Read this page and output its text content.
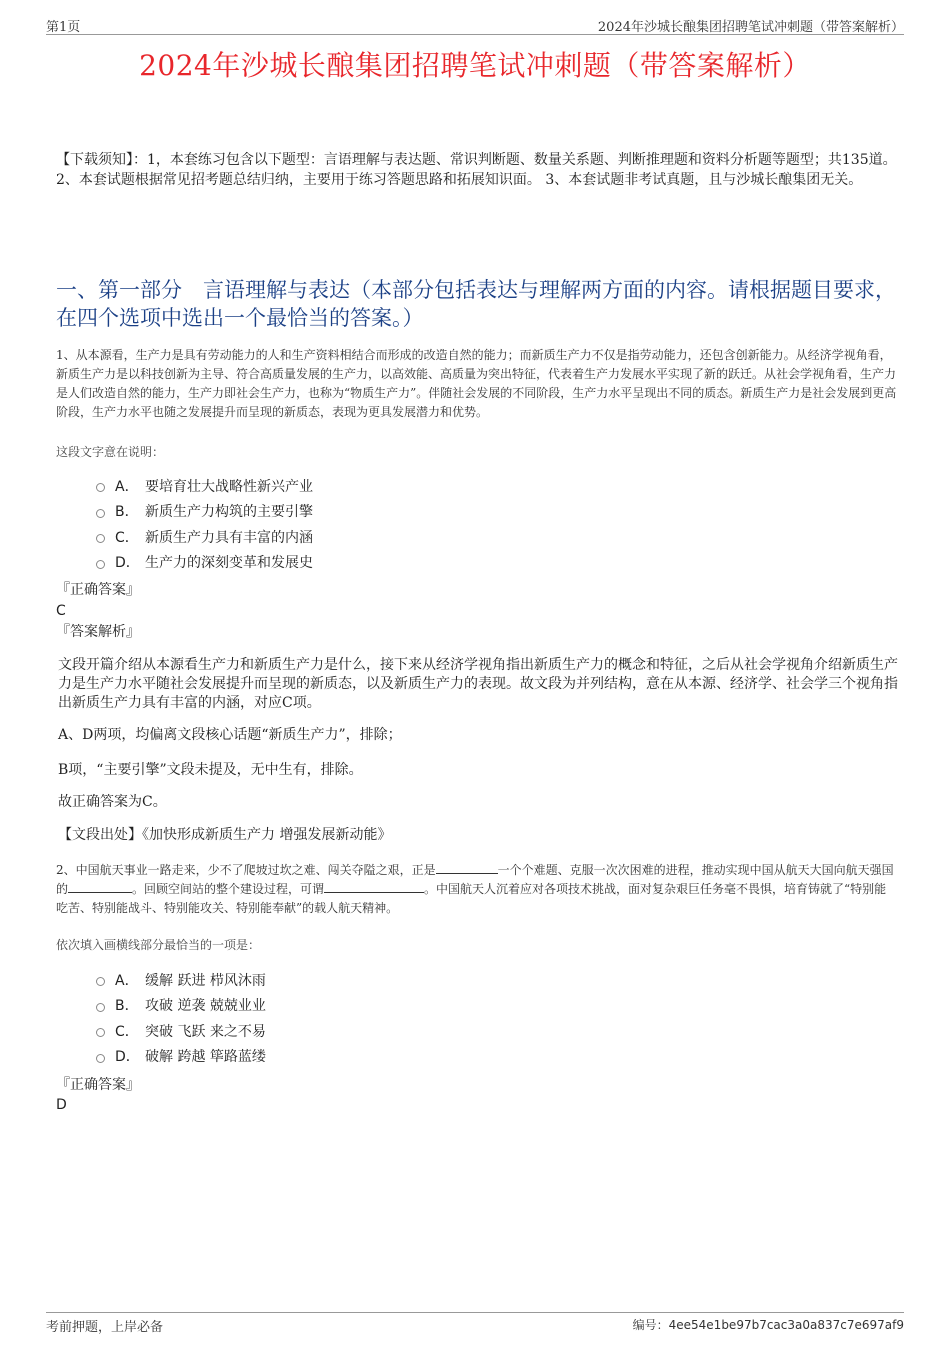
第1页	2024年沙城长酿集团招聘笔试冲刺题（带答案解析）
2024年沙城长酿集团招聘笔试冲刺题（带答案解析）
【下载须知】：1，本套练习包含以下题型：言语理解与表达题、常识判断题、数量关系题、判断推理题和资料分析题等题型；共135道。 2、本套试题根据常见招考题总结归纳，主要用于练习答题思路和拓展知识面。 3、本套试题非考试真题，且与沙城长酿集团无关。
一、第一部分　言语理解与表达（本部分包括表达与理解两方面的内容。请根据题目要求，在四个选项中选出一个最恰当的答案。）
1、从本源看，生产力是具有劳动能力的人和生产资料相结合而形成的改造自然的能力；而新质生产力不仅是指劳动能力，还包含创新能力。从经济学视角看，新质生产力是以科技创新为主导、符合高质量发展的生产力，以高效能、高质量为突出特征，代表着生产力发展水平实现了新的跃迁。从社会学视角看，生产力是人们改造自然的能力，生产力即社会生产力，也称为“物质生产力”。伴随社会发展的不同阶段，生产力水平呈现出不同的质态。新质生产力是社会发展到更高阶段，生产力水平也随之发展提升而呈现的新质态，表现为更具发展潜力和优势。
这段文字意在说明：
A． 要培育壮大战略性新兴产业
B． 新质生产力构筑的主要引擎
C． 新质生产力具有丰富的内涵
D． 生产力的深刻变革和发展史
『正确答案』
C
『答案解析』
文段开篇介绍从本源看生产力和新质生产力是什么，接下来从经济学视角指出新质生产力的概念和特征，之后从社会学视角介绍新质生产力是生产力水平随社会发展提升而呈现的新质态，以及新质生产力的表现。故文段为并列结构，意在从本源、经济学、社会学三个视角指出新质生产力具有丰富的内涵，对应C项。
A、D两项，均偏离文段核心话题“新质生产力”，排除；
B项，“主要引擎”文段未提及，无中生有，排除。
故正确答案为C。
【文段出处】《加快形成新质生产力 增强发展新动能》
2、中国航天事业一路走来，少不了爬坡过坎之难、闯关夺隘之艰，正是	一个个难题、克服一次次困难的进程，推动实现中国从航天大国向航天强国的	。回顾空间站的整个建设过程，可谓	。中国航天人沉着应对各项技术挑战，面对复杂艰巨任务毫不畏惧，培育铸就了“特别能吃苦、特别能战斗、特别能攻关、特别能奉献”的载人航天精神。
依次填入画横线部分最恰当的一项是：
A． 缓解 跃进 栉风沐雨
B． 攻破 逆袭 兢兢业业
C． 突破 飞跃 来之不易
D． 破解 跨越 筚路蓝缕
『正确答案』
D
考前押题，上岸必备	编号：4ee54e1be97b7cac3a0a837c7e697af9
